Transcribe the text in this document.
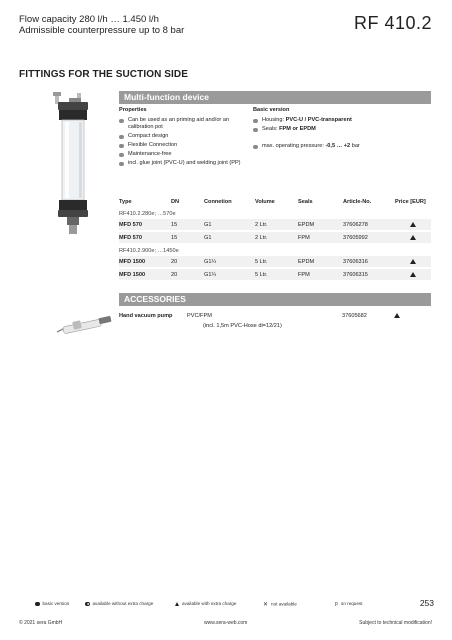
Flow capacity 280 l/h … 1.450 l/h
Admissible counterpressure up to 8 bar	RF 410.2
FITTINGS FOR THE SUCTION SIDE
Multi-function device
Properties	Basic version
Can be used as an priming aid and/or an calibration pot
Compact design
Flexible Connection
Maintenance-free
incl. glue joint (PVC-U) and welding joint (PP)
Housing: PVC-U / PVC-transparent
Seals: FPM or EPDM
max. operating pressure: -0,5 … +2 bar
Type	DN	Connetion	Volume	Seals	Article-No.	Price [EUR]
RF410.2.280e; …570e						
MFD 570	15	G1	2 Ltr.	EPDM	37606278	
MFD 570	15	G1	2 Ltr.	FPM	37605992	
RF410.2.900e; …1450e						
MFD 1500	20	G1¼	5 Ltr.	EPDM	37606316	
MFD 1500	20	G1¼	5 Ltr.	FPM	37606315	
ACCESSORIES
Hand vacuum pump	PVC/FPM	37605682
(incl. 1,5m PVC-Hose di=12/21)
basic version	available without extra charge	available with extra charge	✕ not available	p on request	253
© 2021 sera GmbH	www.sera-web.com	Subject to technical modification!
